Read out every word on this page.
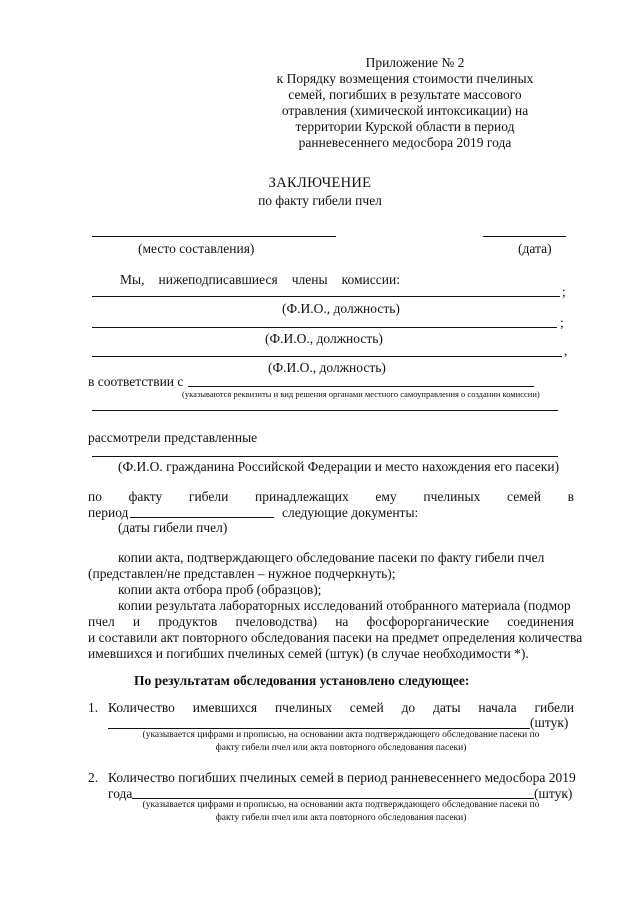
Приложение № 2
к Порядку возмещения стоимости пчелиных
семей, погибших в результате массового
отравления (химической интоксикации) на
территории Курской области в период
ранневесеннего медосбора 2019 года
ЗАКЛЮЧЕНИЕ
по факту гибели пчел
(место составления)	(дата)
Мы, нижеподписавшиеся члены комиссии:
;
(Ф.И.О., должность)
;
(Ф.И.О., должность)
,
(Ф.И.О., должность)
в соответствии с
(указываются реквизиты и вид решения органами местного самоуправления о создании комиссии)
рассмотрели представленные
(Ф.И.О. гражданина Российской Федерации и место нахождения его пасеки)
по факту гибели принадлежащих ему пчелиных семей в
период	следующие документы:
(даты гибели пчел)
копии акта, подтверждающего обследование пасеки по факту гибели пчел
(представлен/не представлен – нужное подчеркнуть);
копии акта отбора проб (образцов);
копии результата лабораторных исследований отобранного материала (подмор
пчел и продуктов пчеловодства) на фосфорорганические соединения
и составили акт повторного обследования пасеки на предмет определения количества
имевшихся и погибших пчелиных семей (штук) (в случае необходимости *).
По результатам обследования установлено следующее:
1. Количество имевшихся пчелиных семей до даты начала гибели
(штук)
(указывается цифрами и прописью, на основании акта подтверждающего обследование пасеки по
факту гибели пчел или акта повторного обследования пасеки)
2. Количество погибших пчелиных семей в период ранневесеннего медосбора 2019
года	(штук)
(указывается цифрами и прописью, на основании акта подтверждающего обследование пасеки по
факту гибели пчел или акта повторного обследования пасеки)
